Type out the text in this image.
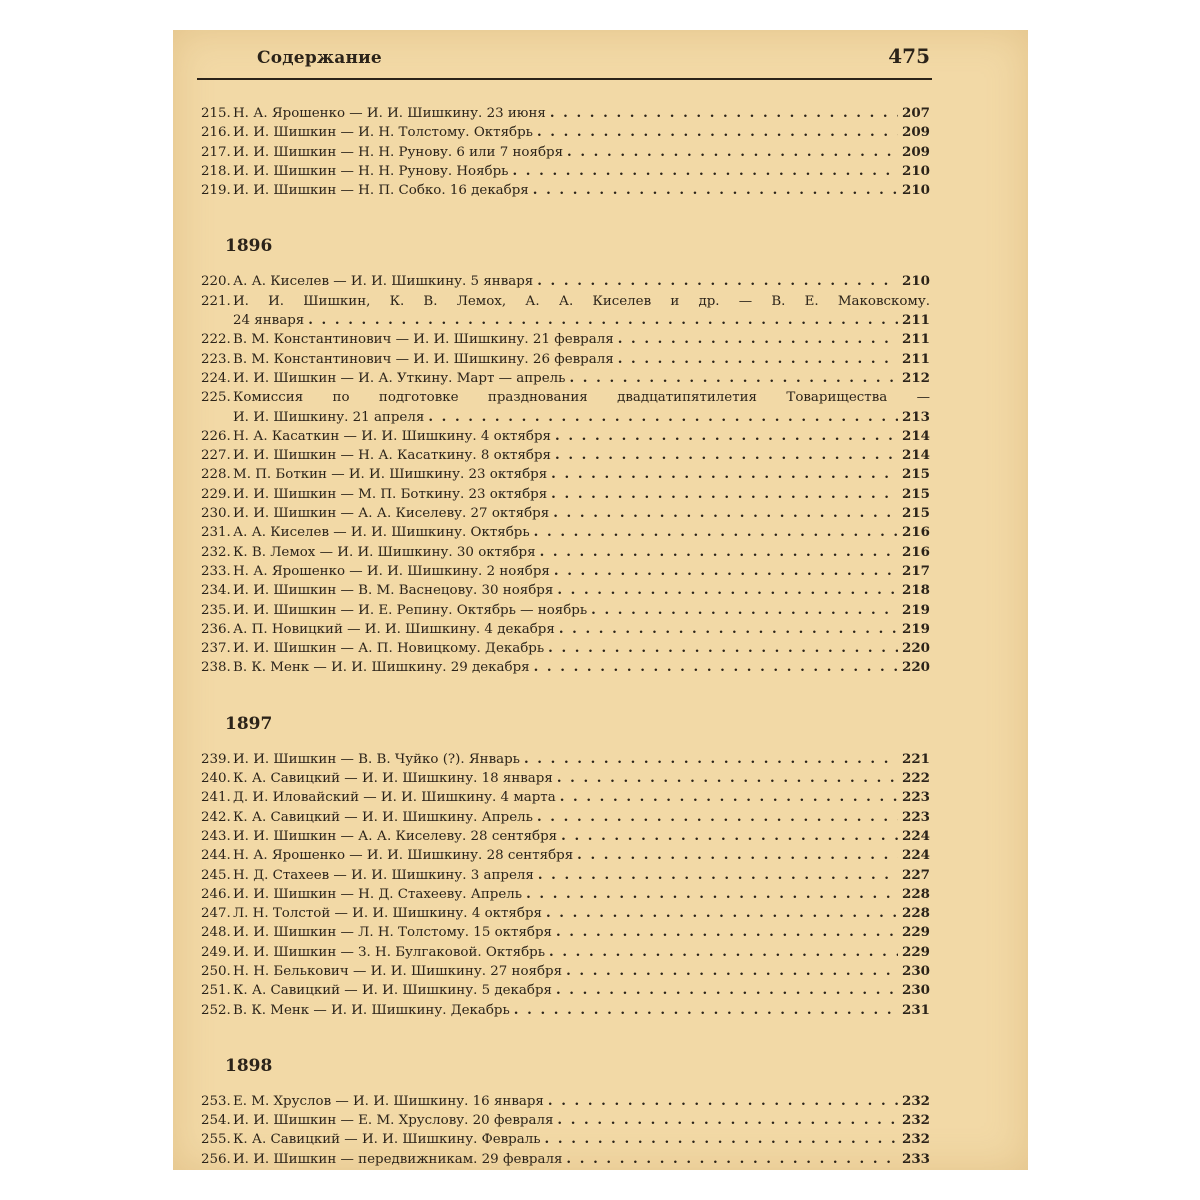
Содержание	475
215. Н. А. Ярошенко — И. И. Шишкину. 23 июня . . .	207
216. И. И. Шишкин — И. Н. Толстому. Октябрь . . .	209
217. И. И. Шишкин — Н. Н. Рунову. 6 или 7 ноября . . .	209
218. И. И. Шишкин — Н. Н. Рунову. Ноябрь . . .	210
219. И. И. Шишкин — Н. П. Собко. 16 декабря . . .	210
1896
220. А. А. Киселев — И. И. Шишкину. 5 января . . .	210
221. И. И. Шишкин, К. В. Лемох, А. А. Киселев и др. — В. Е. Маковскому.
24 января . . .	211
222. В. М. Константинович — И. И. Шишкину. 21 февраля . . .	211
223. В. М. Константинович — И. И. Шишкину. 26 февраля . . .	211
224. И. И. Шишкин — И. А. Уткину. Март — апрель . . .	212
225. Комиссия по подготовке празднования двадцатипятилетия Товарищества —
И. И. Шишкину. 21 апреля . . .	213
226. Н. А. Касаткин — И. И. Шишкину. 4 октября . . .	214
227. И. И. Шишкин — Н. А. Касаткину. 8 октября . . .	214
228. М. П. Боткин — И. И. Шишкину. 23 октября . . .	215
229. И. И. Шишкин — М. П. Боткину. 23 октября . . .	215
230. И. И. Шишкин — А. А. Киселеву. 27 октября . . .	215
231. А. А. Киселев — И. И. Шишкину. Октябрь . . .	216
232. К. В. Лемох — И. И. Шишкину. 30 октября . . .	216
233. Н. А. Ярошенко — И. И. Шишкину. 2 ноября . . .	217
234. И. И. Шишкин — В. М. Васнецову. 30 ноября . . .	218
235. И. И. Шишкин — И. Е. Репину. Октябрь — ноябрь . . .	219
236. А. П. Новицкий — И. И. Шишкину. 4 декабря . . .	219
237. И. И. Шишкин — А. П. Новицкому. Декабрь . . .	220
238. В. К. Менк — И. И. Шишкину. 29 декабря . . .	220
1897
239. И. И. Шишкин — В. В. Чуйко (?). Январь . . .	221
240. К. А. Савицкий — И. И. Шишкину. 18 января . . .	222
241. Д. И. Иловайский — И. И. Шишкину. 4 марта . . .	223
242. К. А. Савицкий — И. И. Шишкину. Апрель . . .	223
243. И. И. Шишкин — А. А. Киселеву. 28 сентября . . .	224
244. Н. А. Ярошенко — И. И. Шишкину. 28 сентября . . .	224
245. Н. Д. Стахеев — И. И. Шишкину. 3 апреля . . .	227
246. И. И. Шишкин — Н. Д. Стахееву. Апрель . . .	228
247. Л. Н. Толстой — И. И. Шишкину. 4 октября . . .	228
248. И. И. Шишкин — Л. Н. Толстому. 15 октября . . .	229
249. И. И. Шишкин — З. Н. Булгаковой. Октябрь . . .	229
250. Н. Н. Белькович — И. И. Шишкину. 27 ноября . . .	230
251. К. А. Савицкий — И. И. Шишкину. 5 декабря . . .	230
252. В. К. Менк — И. И. Шишкину. Декабрь . . .	231
1898
253. Е. М. Хруслов — И. И. Шишкину. 16 января . . .	232
254. И. И. Шишкин — Е. М. Хруслову. 20 февраля . . .	232
255. К. А. Савицкий — И. И. Шишкину. Февраль . . .	232
256. И. И. Шишкин — передвижникам. 29 февраля . . .	233
